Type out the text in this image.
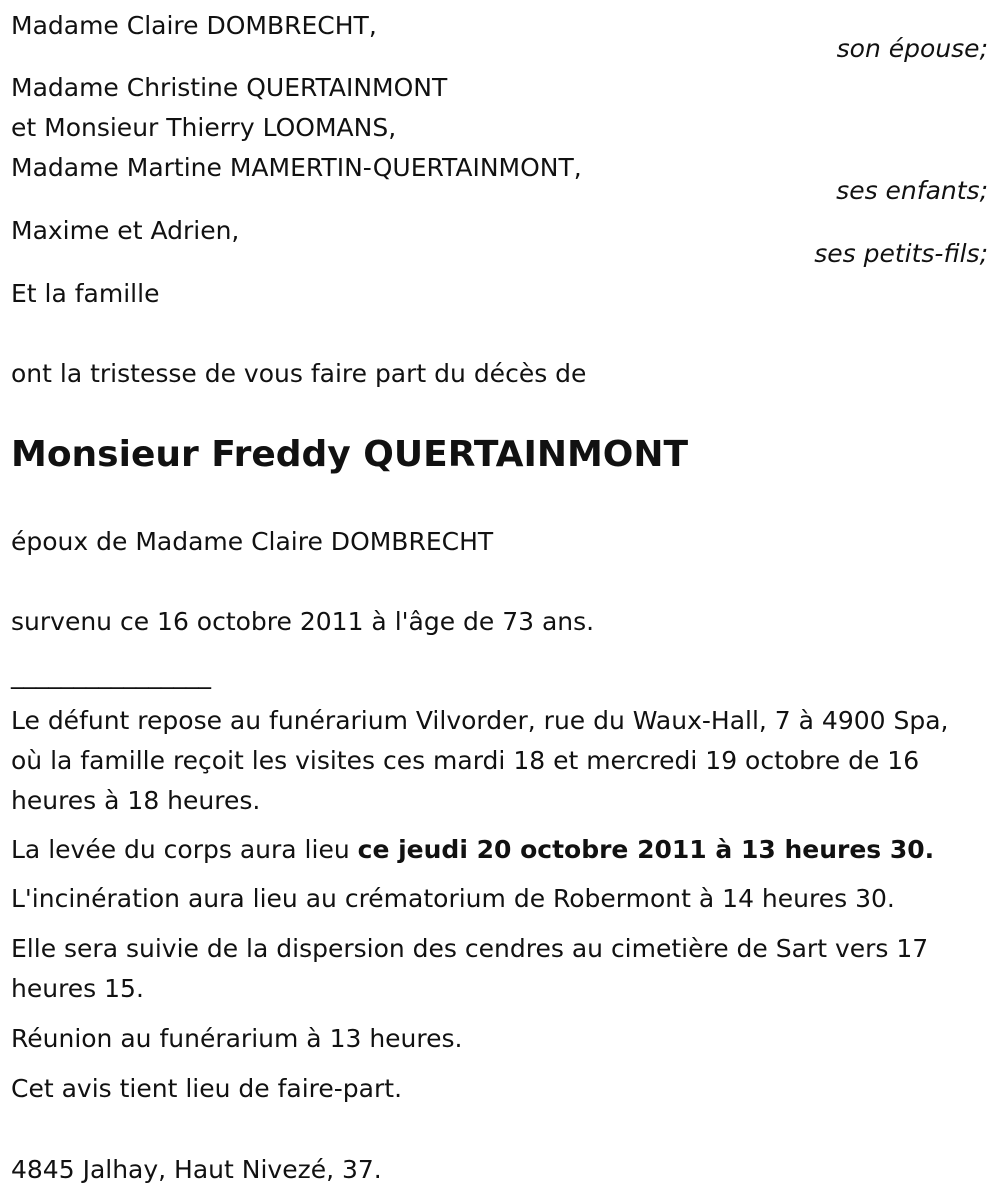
Madame Claire DOMBRECHT,
son épouse;
Madame Christine QUERTAINMONT
et Monsieur Thierry LOOMANS,
Madame Martine MAMERTIN-QUERTAINMONT,
ses enfants;
Maxime et Adrien,
ses petits-fils;
Et la famille
ont la tristesse de vous faire part du décès de
Monsieur Freddy QUERTAINMONT
époux de Madame Claire DOMBRECHT
survenu ce 16 octobre 2011 à l'âge de 73 ans.
________________
Le défunt repose au funérarium Vilvorder, rue du Waux-Hall, 7 à 4900 Spa, où la famille reçoit les visites ces mardi 18 et mercredi 19 octobre de 16 heures à 18 heures.
La levée du corps aura lieu ce jeudi 20 octobre 2011 à 13 heures 30.
L'incinération aura lieu au crématorium de Robermont à 14 heures 30.
Elle sera suivie de la dispersion des cendres au cimetière de Sart vers 17 heures 15.
Réunion au funérarium à 13 heures.
Cet avis tient lieu de faire-part.
4845 Jalhay, Haut Nivezé, 37.
